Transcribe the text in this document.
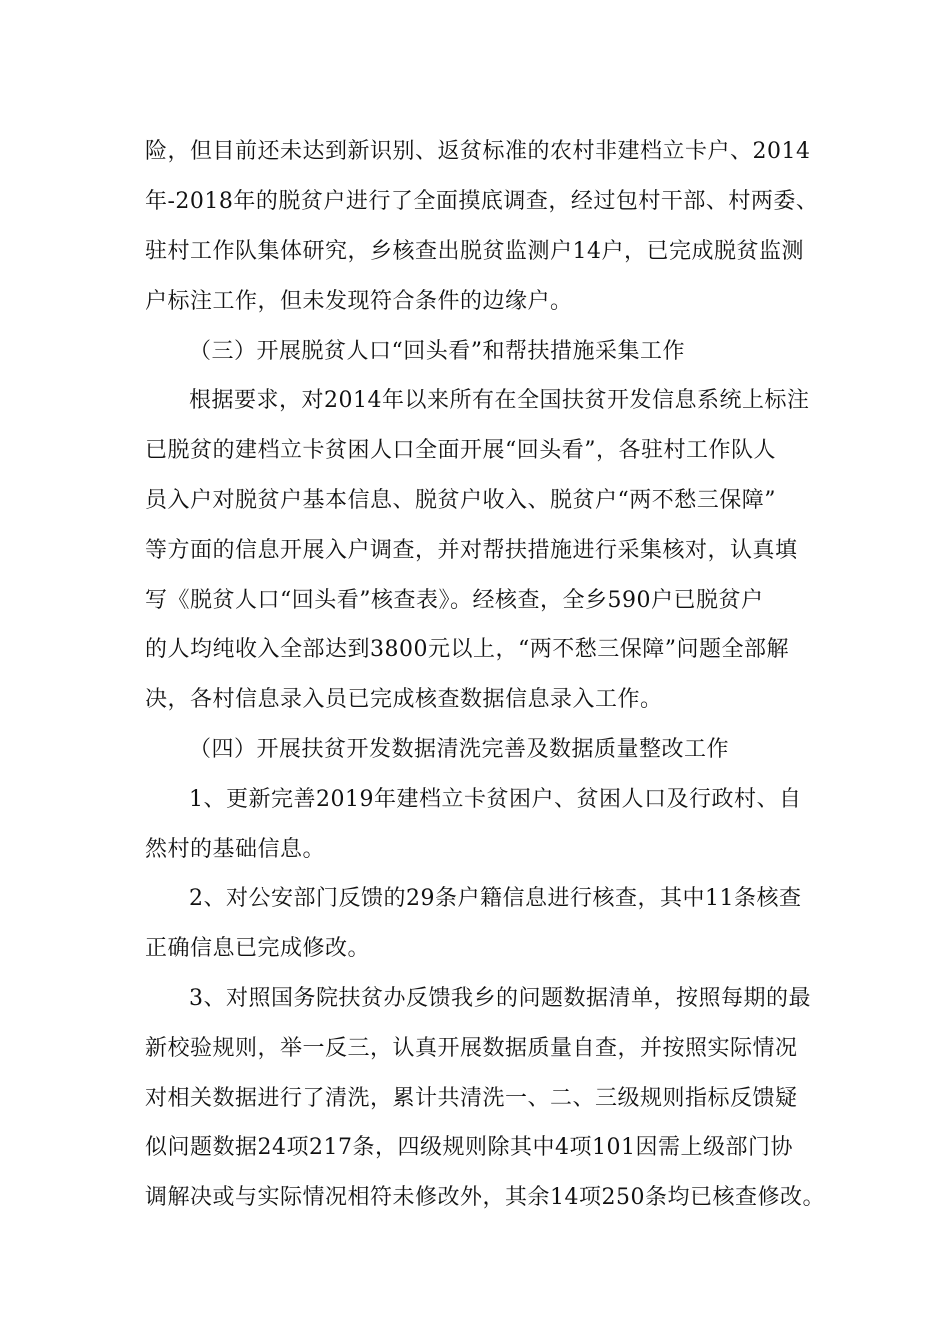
险，但目前还未达到新识别、返贫标准的农村非建档立卡户、2014
年-2018年的脱贫户进行了全面摸底调查，经过包村干部、村两委、
驻村工作队集体研究，乡核查出脱贫监测户14户，已完成脱贫监测
户标注工作，但未发现符合条件的边缘户。
（三）开展脱贫人口“回头看”和帮扶措施采集工作
根据要求，对2014年以来所有在全国扶贫开发信息系统上标注
已脱贫的建档立卡贫困人口全面开展“回头看”，各驻村工作队人
员入户对脱贫户基本信息、脱贫户收入、脱贫户“两不愁三保障”
等方面的信息开展入户调查，并对帮扶措施进行采集核对，认真填
写《脱贫人口“回头看”核查表》。经核查，全乡590户已脱贫户
的人均纯收入全部达到3800元以上，“两不愁三保障”问题全部解
决，各村信息录入员已完成核查数据信息录入工作。
（四）开展扶贫开发数据清洗完善及数据质量整改工作
1、更新完善2019年建档立卡贫困户、贫困人口及行政村、自
然村的基础信息。
2、对公安部门反馈的29条户籍信息进行核查，其中11条核查
正确信息已完成修改。
3、对照国务院扶贫办反馈我乡的问题数据清单，按照每期的最
新校验规则，举一反三，认真开展数据质量自查，并按照实际情况
对相关数据进行了清洗，累计共清洗一、二、三级规则指标反馈疑
似问题数据24项217条，四级规则除其中4项101因需上级部门协
调解决或与实际情况相符未修改外，其余14项250条均已核查修改。
